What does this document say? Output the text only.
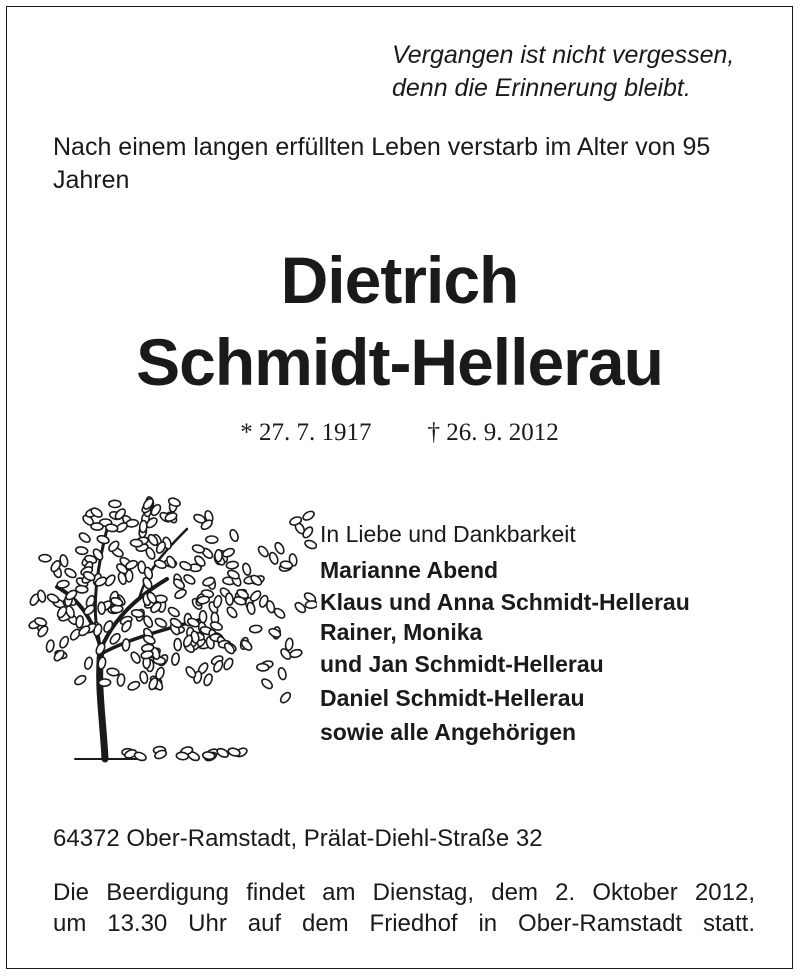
Vergangen ist nicht vergessen,
denn die Erinnerung bleibt.
Nach einem langen erfüllten Leben verstarb im Alter von 95 Jahren
Dietrich
Schmidt-Hellerau
* 27. 7. 1917 † 26. 9. 2012
In Liebe und Dankbarkeit
Marianne Abend
Klaus und Anna Schmidt-Hellerau
Rainer, Monika
und Jan Schmidt-Hellerau
Daniel Schmidt-Hellerau
sowie alle Angehörigen
64372 Ober-Ramstadt, Prälat-Diehl-Straße 32
Die Beerdigung findet am Dienstag, dem 2. Oktober 2012,
um 13.30 Uhr auf dem Friedhof in Ober-Ramstadt statt.
